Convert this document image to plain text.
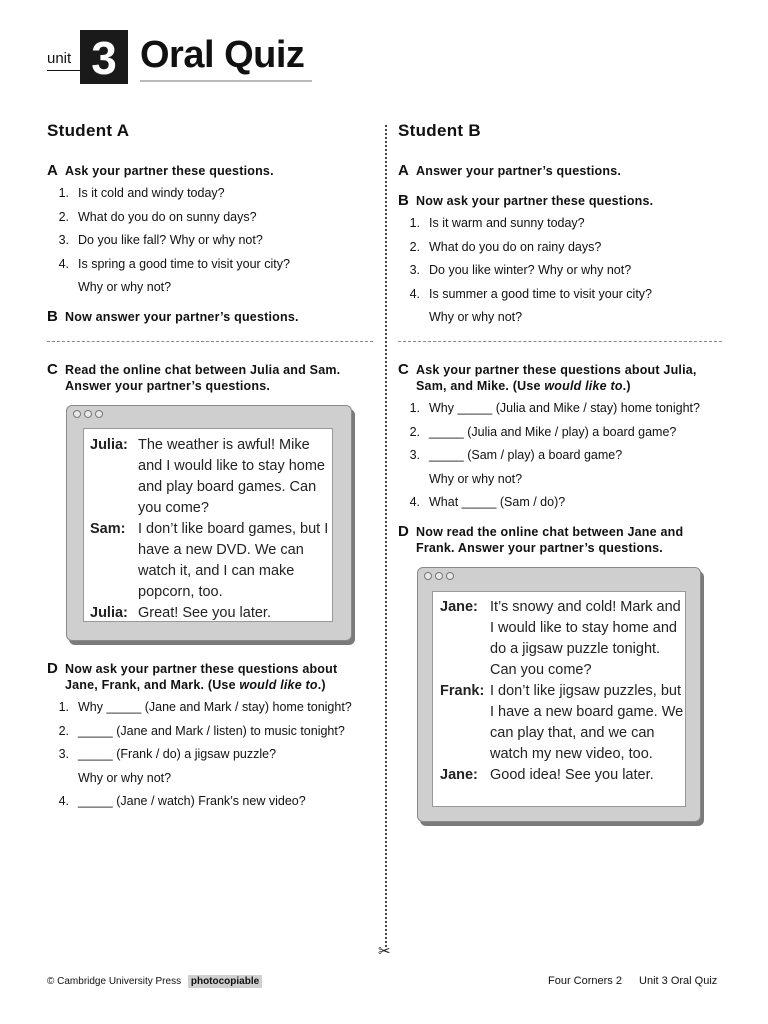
unit 3 Oral Quiz
✂
Student A
A Ask your partner these questions.
1. Is it cold and windy today?
2. What do you do on sunny days?
3. Do you like fall? Why or why not?
4. Is spring a good time to visit your city?
Why or why not?
B Now answer your partner’s questions.
C Read the online chat between Julia and Sam.
Answer your partner’s questions.
Julia: The weather is awful! Mike and I would like to stay home and play board games. Can you come?
Sam: I don’t like board games, but I have a new DVD. We can watch it, and I can make popcorn, too.
Julia: Great! See you later.
D Now ask your partner these questions about
Jane, Frank, and Mark. (Use would like to.)
1. Why _____ (Jane and Mark / stay) home tonight?
2. _____ (Jane and Mark / listen) to music tonight?
3. _____ (Frank / do) a jigsaw puzzle?
Why or why not?
4. _____ (Jane / watch) Frank’s new video?
Student B
A Answer your partner’s questions.
B Now ask your partner these questions.
1. Is it warm and sunny today?
2. What do you do on rainy days?
3. Do you like winter? Why or why not?
4. Is summer a good time to visit your city?
Why or why not?
C Ask your partner these questions about Julia,
Sam, and Mike. (Use would like to.)
1. Why _____ (Julia and Mike / stay) home tonight?
2. _____ (Julia and Mike / play) a board game?
3. _____ (Sam / play) a board game?
Why or why not?
4. What _____ (Sam / do)?
D Now read the online chat between Jane and
Frank. Answer your partner’s questions.
Jane: It’s snowy and cold! Mark and I would like to stay home and do a jigsaw puzzle tonight. Can you come?
Frank: I don’t like jigsaw puzzles, but I have a new board game. We can play that, and we can watch my new video, too.
Jane: Good idea! See you later.
© Cambridge University Press photocopiable	Four Corners 2 Unit 3 Oral Quiz
